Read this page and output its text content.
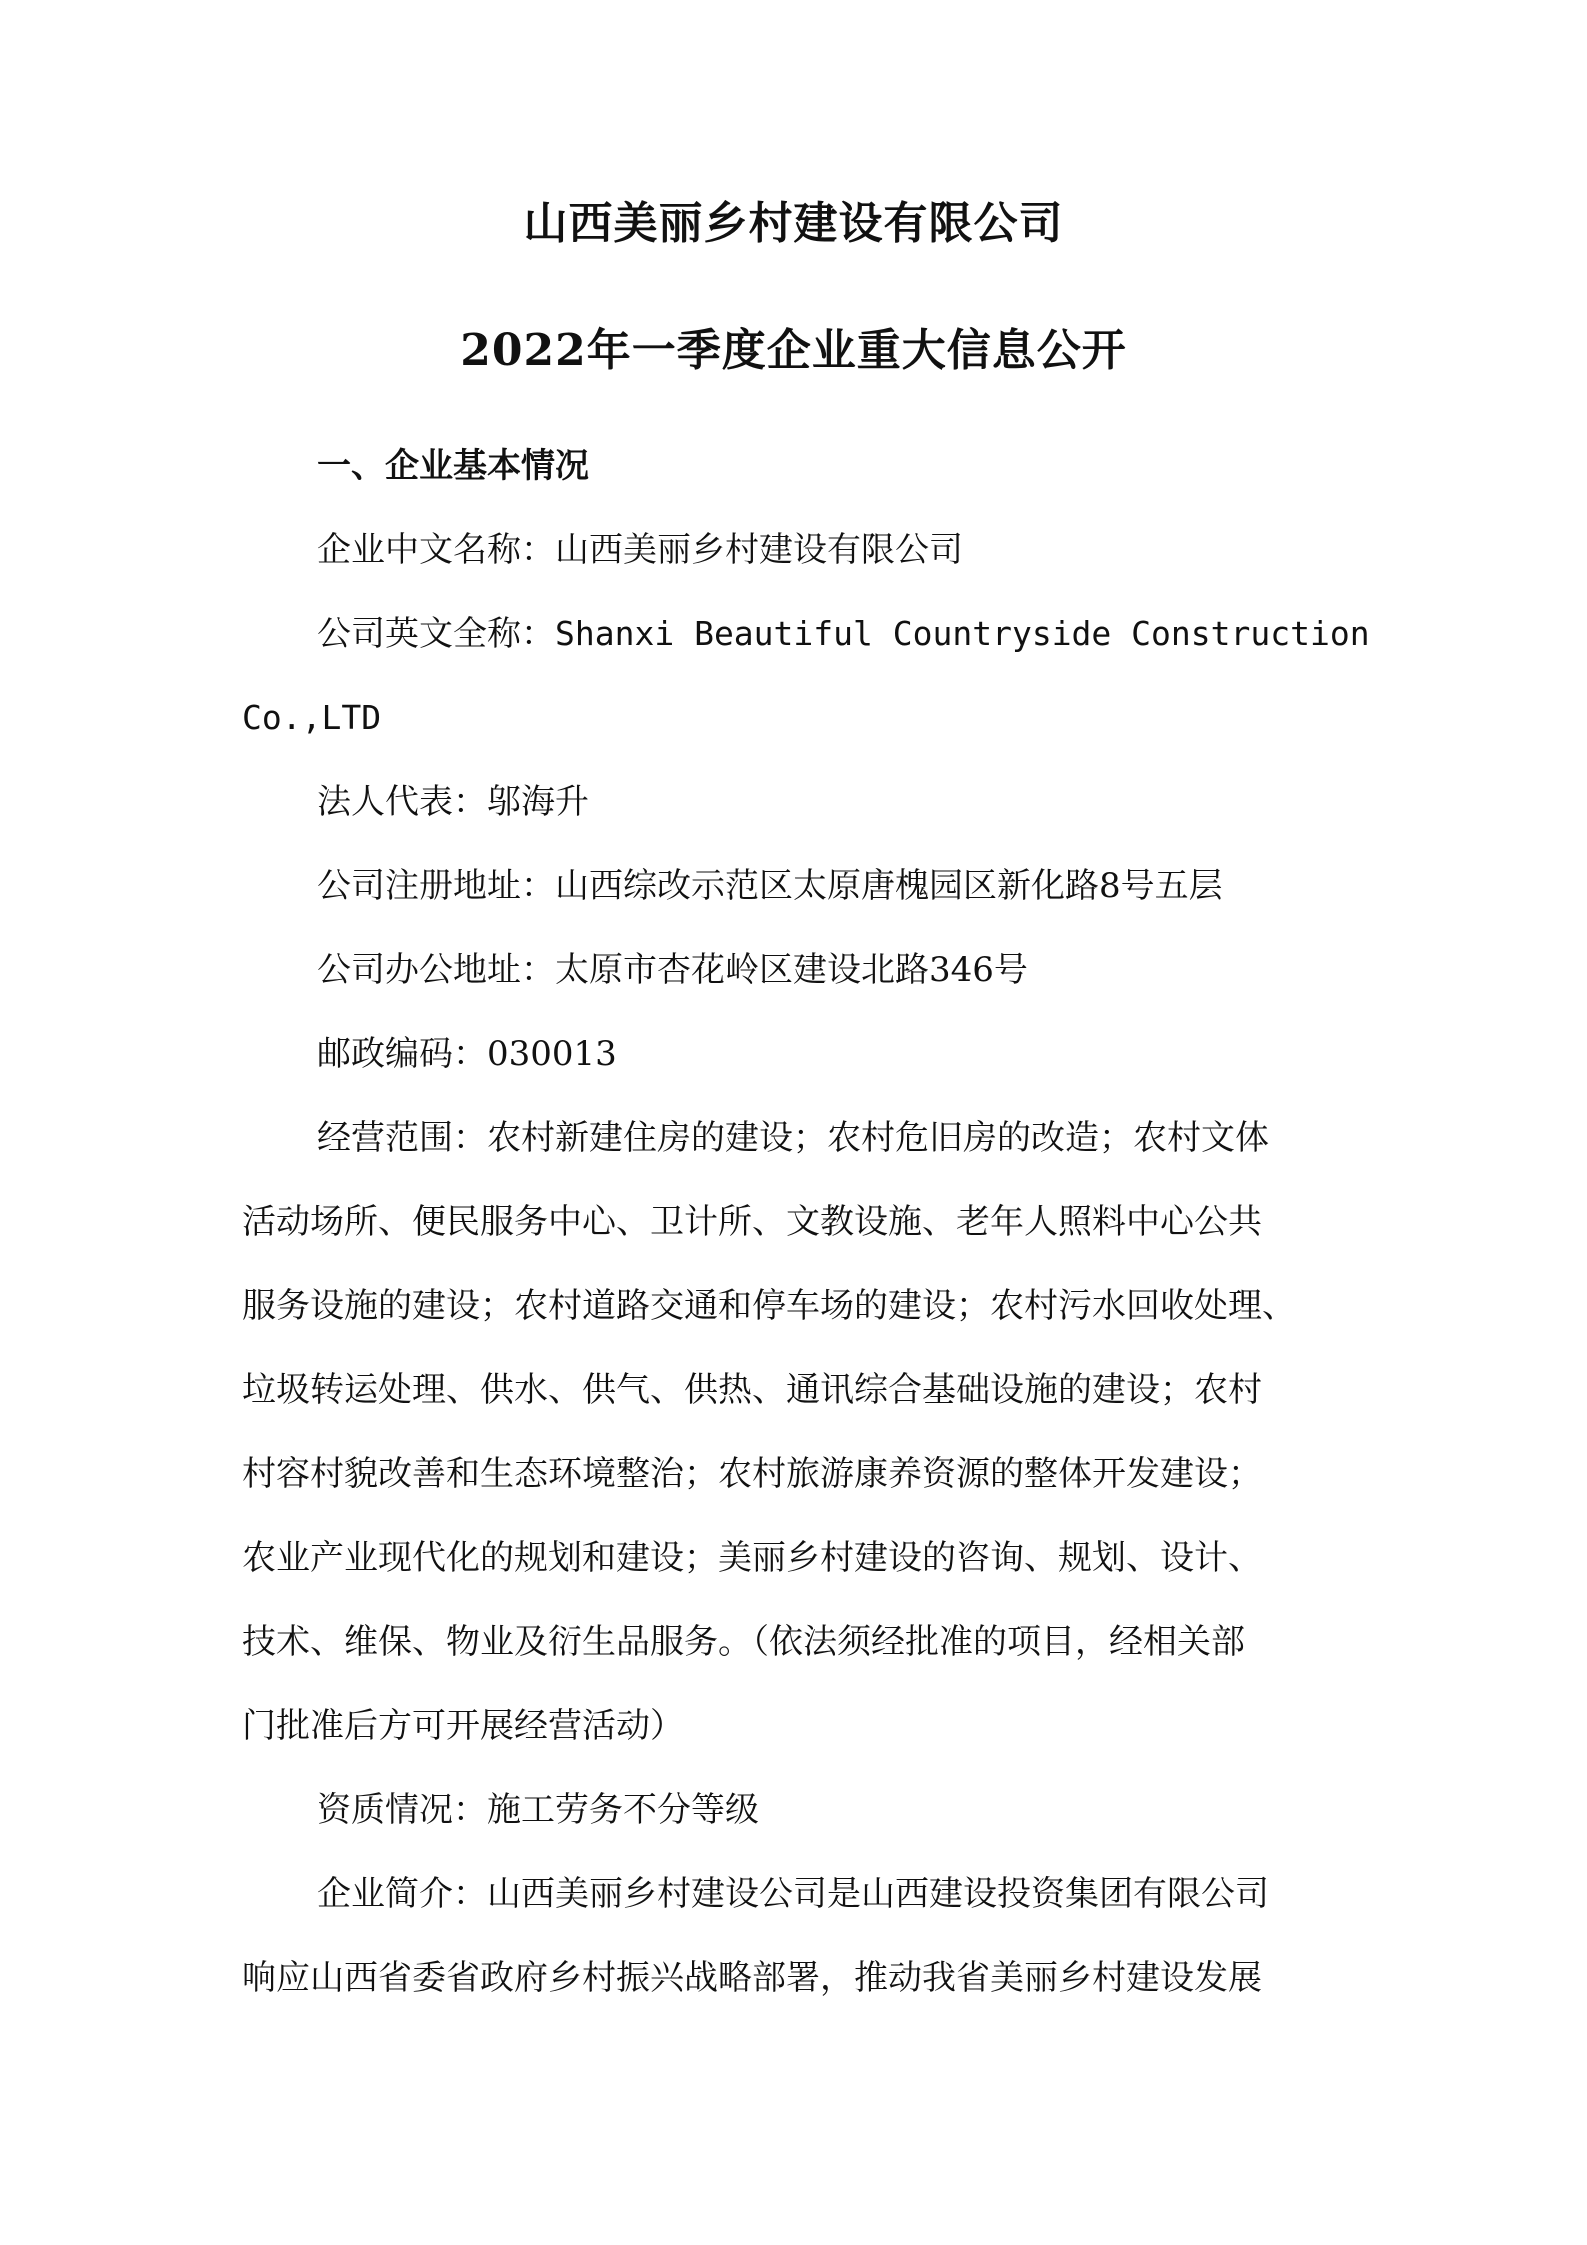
山西美丽乡村建设有限公司
2022年一季度企业重大信息公开
一、企业基本情况
企业中文名称：山西美丽乡村建设有限公司
公司英文全称：Shanxi Beautiful Countryside Construction
Co.,LTD
法人代表：邬海升
公司注册地址：山西综改示范区太原唐槐园区新化路8号五层
公司办公地址：太原市杏花岭区建设北路346号
邮政编码：030013
经营范围：农村新建住房的建设；农村危旧房的改造；农村文体
活动场所、便民服务中心、卫计所、文教设施、老年人照料中心公共
服务设施的建设；农村道路交通和停车场的建设；农村污水回收处理、
垃圾转运处理、供水、供气、供热、通讯综合基础设施的建设；农村
村容村貌改善和生态环境整治；农村旅游康养资源的整体开发建设；
农业产业现代化的规划和建设；美丽乡村建设的咨询、规划、设计、
技术、维保、物业及衍生品服务。（依法须经批准的项目，经相关部
门批准后方可开展经营活动）
资质情况：施工劳务不分等级
企业简介：山西美丽乡村建设公司是山西建设投资集团有限公司
响应山西省委省政府乡村振兴战略部署，推动我省美丽乡村建设发展
